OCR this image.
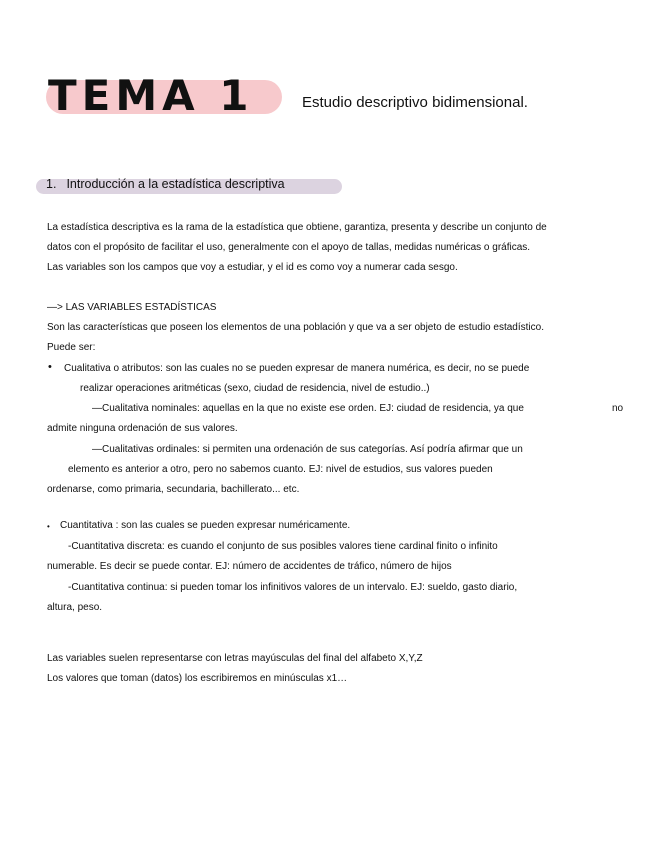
TEMA 1	Estudio descriptivo bidimensional.
1. Introducción a la estadística descriptiva
La estadística descriptiva es la rama de la estadística que obtiene, garantiza, presenta y describe un conjunto de
datos con el propósito de facilitar el uso, generalmente con el apoyo de tallas, medidas numéricas o gráficas.
Las variables son los campos que voy a estudiar, y el id es como voy a numerar cada sesgo.
—> LAS VARIABLES ESTADÍSTICAS
Son las características que poseen los elementos de una población y que va a ser objeto de estudio estadístico.
Puede ser:
• Cualitativa o atributos: son las cuales no se pueden expresar de manera numérica, es decir, no se puede
realizar operaciones aritméticas (sexo, ciudad de residencia, nivel de estudio..)
—Cualitativa nominales: aquellas en la que no existe ese orden. EJ: ciudad de residencia, ya que	no
admite ninguna ordenación de sus valores.
—Cualitativas ordinales: si permiten una ordenación de sus categorías. Así podría afirmar que un
elemento es anterior a otro, pero no sabemos cuanto. EJ: nivel de estudios, sus valores pueden
ordenarse, como primaria, secundaria, bachillerato... etc.
• Cuantitativa : son las cuales se pueden expresar numéricamente.
-Cuantitativa discreta: es cuando el conjunto de sus posibles valores tiene cardinal finito o infinito
numerable. Es decir se puede contar. EJ: número de accidentes de tráfico, número de hijos
-Cuantitativa continua: si pueden tomar los infinitivos valores de un intervalo. EJ: sueldo, gasto diario,
altura, peso.
Las variables suelen representarse con letras mayúsculas del final del alfabeto X,Y,Z
Los valores que toman (datos) los escribiremos en minúsculas x1…
